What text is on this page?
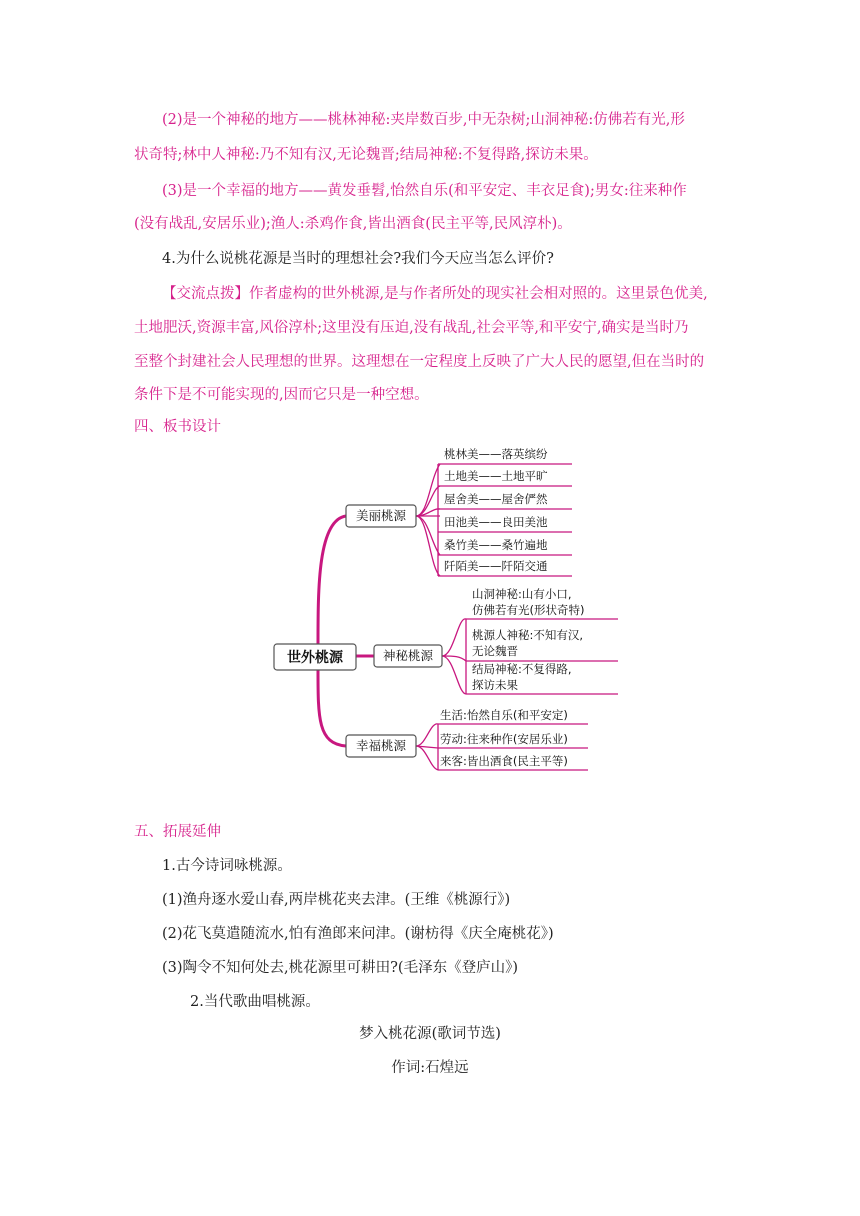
(2)是一个神秘的地方——桃林神秘:夹岸数百步,中无杂树;山洞神秘:仿佛若有光,形
状奇特;林中人神秘:乃不知有汉,无论魏晋;结局神秘:不复得路,探访未果。
(3)是一个幸福的地方——黄发垂髫,怡然自乐(和平安定、丰衣足食);男女:往来种作
(没有战乱,安居乐业);渔人:杀鸡作食,皆出酒食(民主平等,民风淳朴)。
4.为什么说桃花源是当时的理想社会?我们今天应当怎么评价?
【交流点拨】作者虚构的世外桃源,是与作者所处的现实社会相对照的。这里景色优美,
土地肥沃,资源丰富,风俗淳朴;这里没有压迫,没有战乱,社会平等,和平安宁,确实是当时乃
至整个封建社会人民理想的世界。这理想在一定程度上反映了广大人民的愿望,但在当时的
条件下是不可能实现的,因而它只是一种空想。
四、板书设计
世外桃源
美丽桃源
神秘桃源
幸福桃源
桃林美——落英缤纷
土地美——土地平旷
屋舍美——屋舍俨然
田池美——良田美池
桑竹美——桑竹遍地
阡陌美——阡陌交通
山洞神秘:山有小口,
仿佛若有光(形状奇特)
桃源人神秘:不知有汉,
无论魏晋
结局神秘:不复得路,
探访未果
生活:怡然自乐(和平安定)
劳动:往来种作(安居乐业)
来客:皆出酒食(民主平等)
五、拓展延伸
1.古今诗词咏桃源。
(1)渔舟逐水爱山春,两岸桃花夹去津。(王维《桃源行》)
(2)花飞莫遣随流水,怕有渔郎来问津。(谢枋得《庆全庵桃花》)
(3)陶令不知何处去,桃花源里可耕田?(毛泽东《登庐山》)
2.当代歌曲唱桃源。
梦入桃花源(歌词节选)
作词:石煌远
